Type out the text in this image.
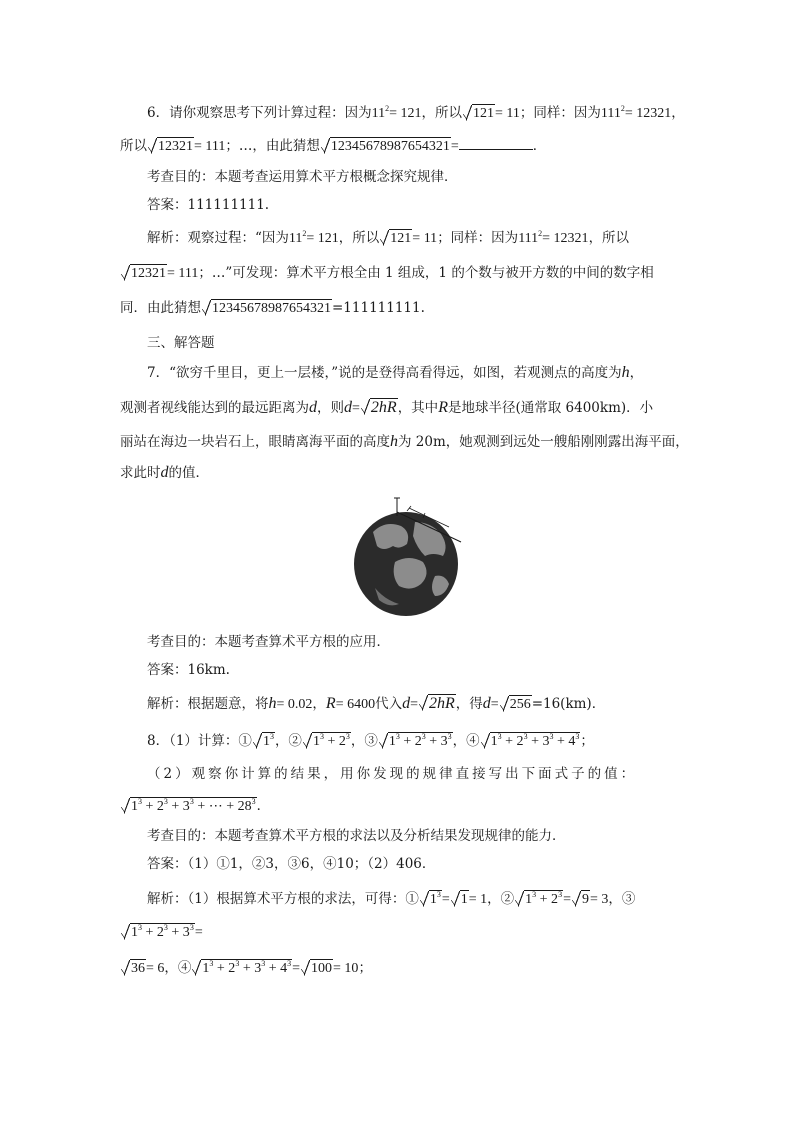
6．请你观察思考下列计算过程：因为$11^2= 121$，所以 121= 11；同样：因为$111^2= 12321$，
所以 12321= 111；…，由此猜想 12345678987654321=	．
考查目的：本题考查运用算术平方根概念探究规律．
答案：111111111.
解析：观察过程：“因为$11^2= 121$，所以 121= 11；同样：因为$111^2= 12321$，所以
12321= 111；…”可发现：算术平方根全由 1 组成，1 的个数与被开方数的中间的数字相
同．由此猜想 12345678987654321=111111111.
三、解答题
7．“欲穷千里目，更上一层楼，”说的是登得高看得远，如图，若观测点的高度为h，
观测者视线能达到的最远距离为d，则d= 2hR，其中R是地球半径(通常取 6400km)．小
丽站在海边一块岩石上，眼睛离海平面的高度h为 20m，她观测到远处一艘船刚刚露出海平面，
求此时d的值．
考查目的：本题考查算术平方根的应用．
答案：16km.
解析：根据题意，将h= 0.02，R= 6400代入d= 2hR，得d= 256=16(km)．
8．（1）计算：① $1^3$，② $1^3 + 2^3$，③ $1^3 + 2^3 + 3^3$，④ $1^3 + 2^3 + 3^3 + 4^3$；
（2）观察你计算的结果，用你发现的规律直接写出下面式子的值：
$1^3 + 2^3 + 3^3$ + ⋯ + $28^3$．
考查目的：本题考查算术平方根的求法以及分析结果发现规律的能力．
答案：（1）①1，②3，③6，④10；（2）406．
解析：（1）根据算术平方根的求法，可得：① $1^3= 1= 1$，② $1^3 + 2^3= 9= 3$，③
$1^3 + 2^3 + 3^3=$
36= 6，④ $1^3 + 2^3 + 3^3 + 4^3= 100= 10$；
